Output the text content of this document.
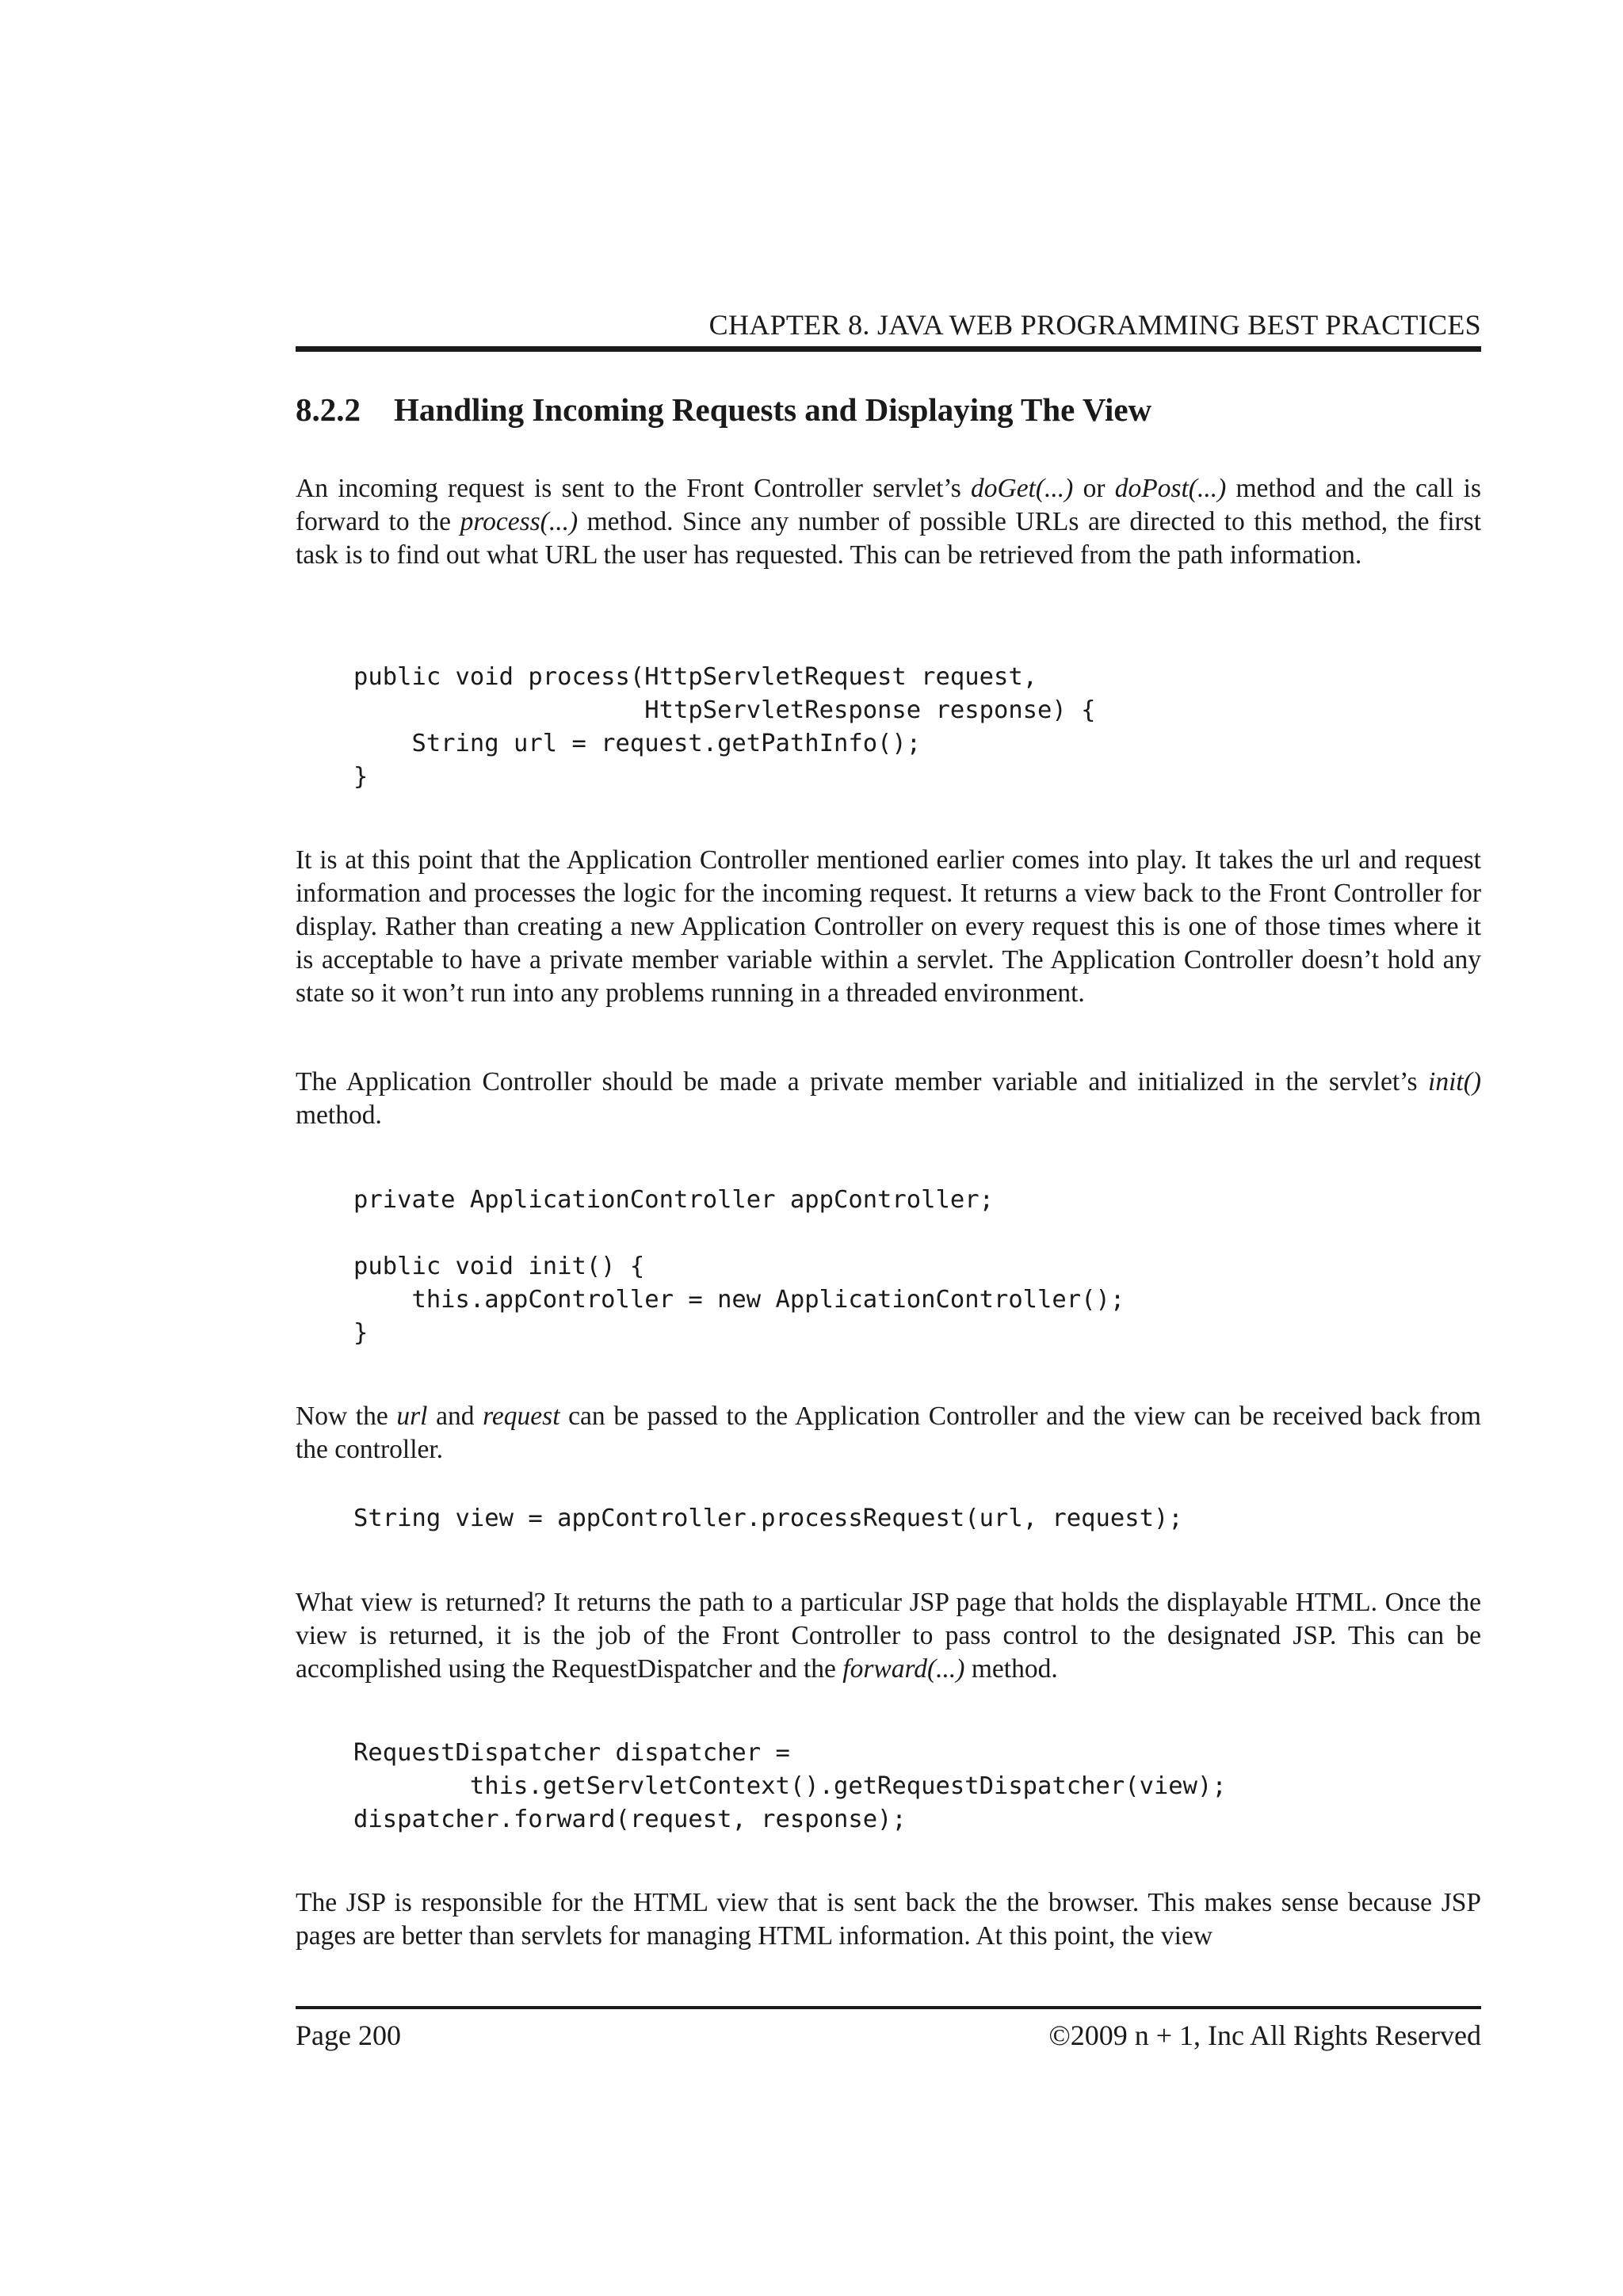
CHAPTER 8. JAVA WEB PROGRAMMING BEST PRACTICES
8.2.2 Handling Incoming Requests and Displaying The View

An incoming request is sent to the Front Controller servlet’s doGet(...) or doPost(...) method and the call is forward to the process(...) method. Since any number of possible URLs are directed to this method, the first task is to find out what URL the user has requested. This can be retrieved from the path information.

public void process(HttpServletRequest request,
HttpServletResponse response) {
String url = request.getPathInfo();
}

It is at this point that the Application Controller mentioned earlier comes into play. It takes the url and request information and processes the logic for the incoming request. It returns a view back to the Front Controller for display. Rather than creating a new Application Controller on every request this is one of those times where it is acceptable to have a private member variable within a servlet. The Application Controller doesn’t hold any state so it won’t run into any problems running in a threaded environment.

The Application Controller should be made a private member variable and initialized in the servlet’s init() method.

private ApplicationController appController;

public void init() {
this.appController = new ApplicationController();
}

Now the url and request can be passed to the Application Controller and the view can be received back from the controller.

String view = appController.processRequest(url, request);

What view is returned? It returns the path to a particular JSP page that holds the displayable HTML. Once the view is returned, it is the job of the Front Controller to pass control to the designated JSP. This can be accomplished using the RequestDispatcher and the forward(...) method.

RequestDispatcher dispatcher =
this.getServletContext().getRequestDispatcher(view);
dispatcher.forward(request, response);

The JSP is responsible for the HTML view that is sent back the the browser. This makes sense because JSP pages are better than servlets for managing HTML information. At this point, the view

Page 200	©2009 n + 1, Inc All Rights Reserved
